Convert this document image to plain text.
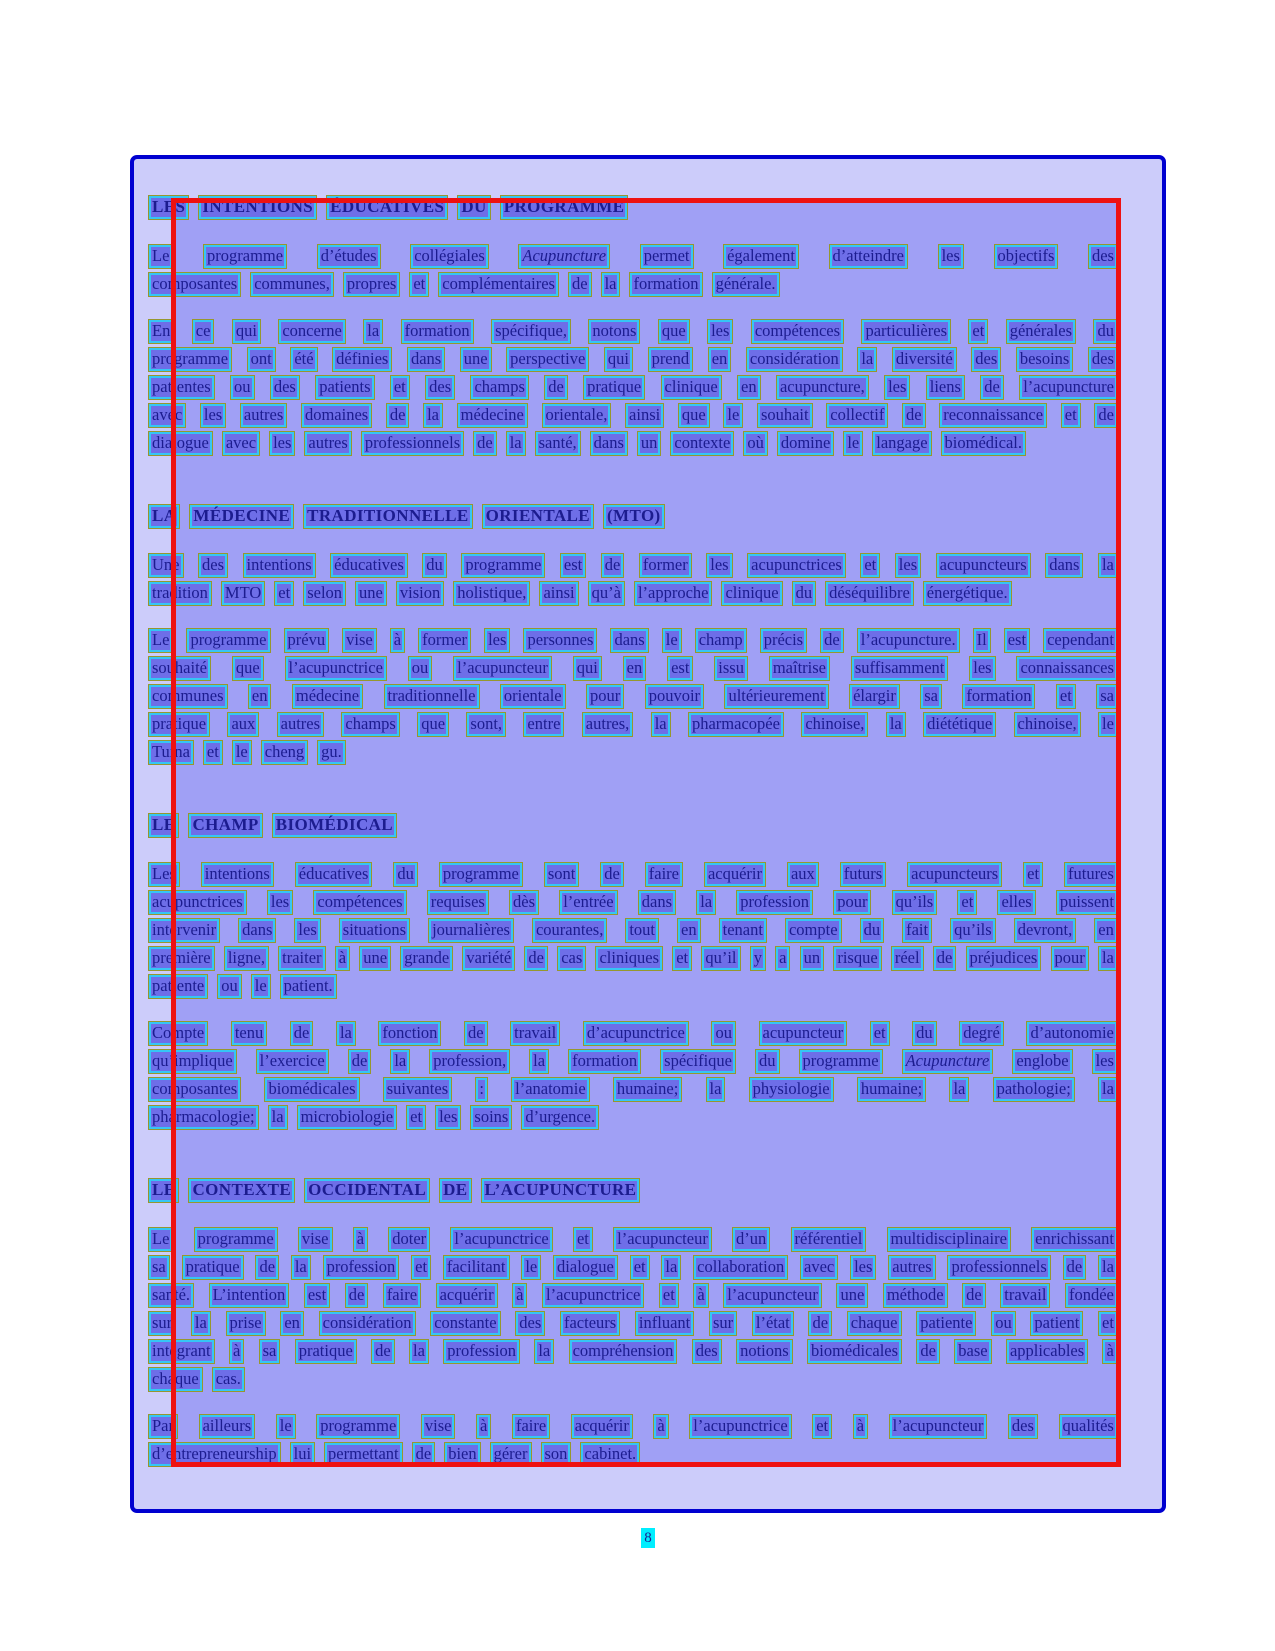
LES INTENTIONS ÉDUCATIVES DU PROGRAMME
Le programme d’études collégiales Acupuncture permet également d’atteindre les objectifs des
composantes communes, propres et complémentaires de la formation générale.
En ce qui concerne la formation spécifique, notons que les compétences particulières et générales du
programme ont été définies dans une perspective qui prend en considération la diversité des besoins des
patientes ou des patients et des champs de pratique clinique en acupuncture, les liens de l’acupuncture
avec les autres domaines de la médecine orientale, ainsi que le souhait collectif de reconnaissance et de
dialogue avec les autres professionnels de la santé, dans un contexte où domine le langage biomédical.
LA MÉDECINE TRADITIONNELLE ORIENTALE (MTO)
Une des intentions éducatives du programme est de former les acupunctrices et les acupuncteurs dans la
tradition MTO et selon une vision holistique, ainsi qu’à l’approche clinique du déséquilibre énergétique.
Le programme prévu vise à former les personnes dans le champ précis de l’acupuncture. Il est cependant
souhaité que l’acupunctrice ou l’acupuncteur qui en est issu maîtrise suffisamment les connaissances
communes en médecine traditionnelle orientale pour pouvoir ultérieurement élargir sa formation et sa
pratique aux autres champs que sont, entre autres, la pharmacopée chinoise, la diététique chinoise, le
Tuina et le cheng gu.
LE CHAMP BIOMÉDICAL
Les intentions éducatives du programme sont de faire acquérir aux futurs acupuncteurs et futures
acupunctrices les compétences requises dès l’entrée dans la profession pour qu’ils et elles puissent
intervenir dans les situations journalières courantes, tout en tenant compte du fait qu’ils devront, en
première ligne, traiter à une grande variété de cas cliniques et qu’il y a un risque réel de préjudices pour la
patiente ou le patient.
Compte tenu de la fonction de travail d’acupunctrice ou acupuncteur et du degré d’autonomie
qu’implique l’exercice de la profession, la formation spécifique du programme Acupuncture englobe les
composantes biomédicales suivantes : l’anatomie humaine; la physiologie humaine; la pathologie; la
pharmacologie; la microbiologie et les soins d’urgence.
LE CONTEXTE OCCIDENTAL DE L’ACUPUNCTURE
Le programme vise à doter l’acupunctrice et l’acupuncteur d’un référentiel multidisciplinaire enrichissant
sa pratique de la profession et facilitant le dialogue et la collaboration avec les autres professionnels de la
santé. L’intention est de faire acquérir à l’acupunctrice et à l’acupuncteur une méthode de travail fondée
sur la prise en considération constante des facteurs influant sur l’état de chaque patiente ou patient et
intégrant à sa pratique de la profession la compréhension des notions biomédicales de base applicables à
chaque cas.
Par ailleurs le programme vise à faire acquérir à l’acupunctrice et à l’acupuncteur des qualités
d’entrepreneurship lui permettant de bien gérer son cabinet.
8
